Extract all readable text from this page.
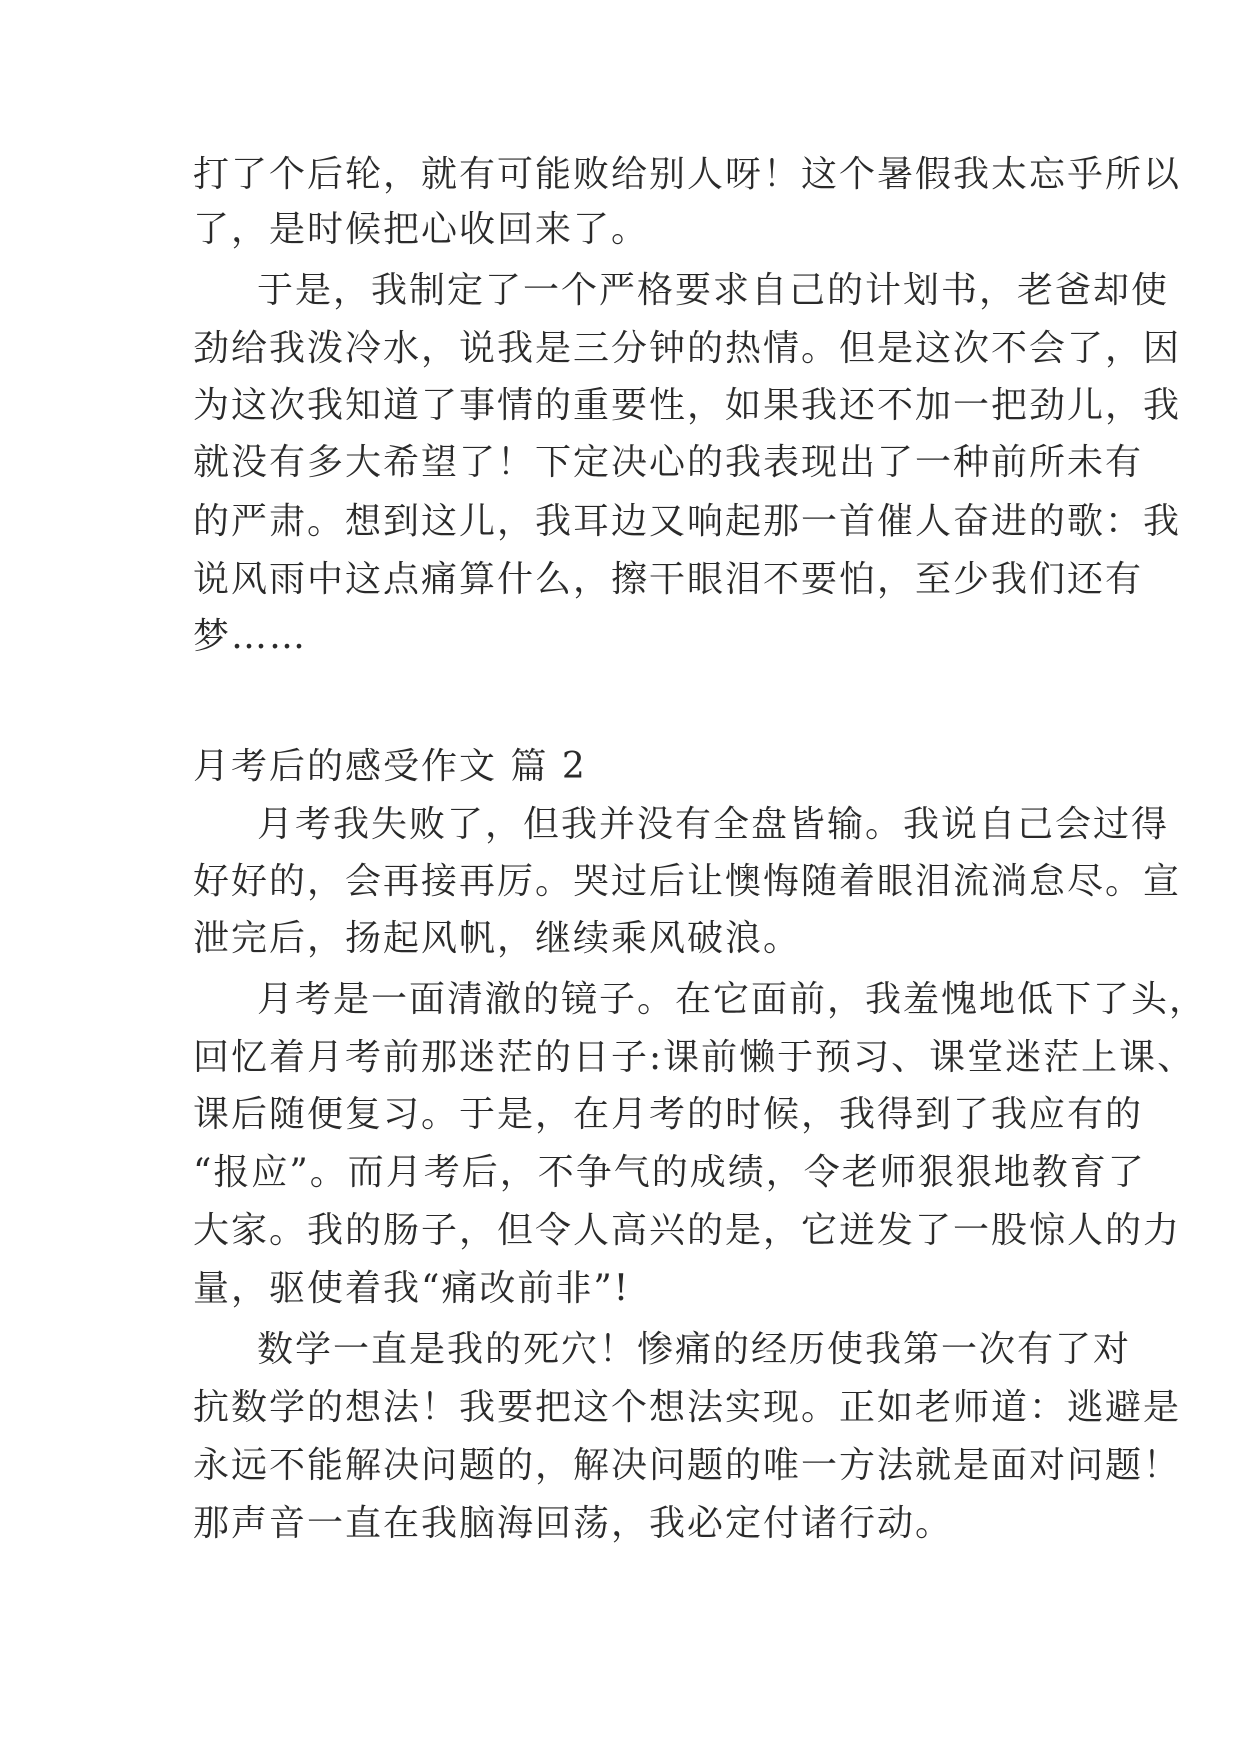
打了个后轮，就有可能败给别人呀！这个暑假我太忘乎所以
了，是时候把心收回来了。
于是，我制定了一个严格要求自己的计划书，老爸却使
劲给我泼冷水，说我是三分钟的热情。但是这次不会了，因
为这次我知道了事情的重要性，如果我还不加一把劲儿，我
就没有多大希望了！下定决心的我表现出了一种前所未有
的严肃。想到这儿，我耳边又响起那一首催人奋进的歌：我
说风雨中这点痛算什么，擦干眼泪不要怕，至少我们还有
梦……
月考后的感受作文 篇 2
月考我失败了，但我并没有全盘皆输。我说自己会过得
好好的，会再接再厉。哭过后让懊悔随着眼泪流淌怠尽。宣
泄完后，扬起风帆，继续乘风破浪。
月考是一面清澈的镜子。在它面前，我羞愧地低下了头，
回忆着月考前那迷茫的日子:课前懒于预习、课堂迷茫上课、
课后随便复习。于是，在月考的时候，我得到了我应有的
“报应”。而月考后，不争气的成绩，令老师狠狠地教育了
大家。我的肠子，但令人高兴的是，它迸发了一股惊人的力
量，驱使着我“痛改前非”!
数学一直是我的死穴！惨痛的经历使我第一次有了对
抗数学的想法！我要把这个想法实现。正如老师道：逃避是
永远不能解决问题的，解决问题的唯一方法就是面对问题！
那声音一直在我脑海回荡，我必定付诸行动。
